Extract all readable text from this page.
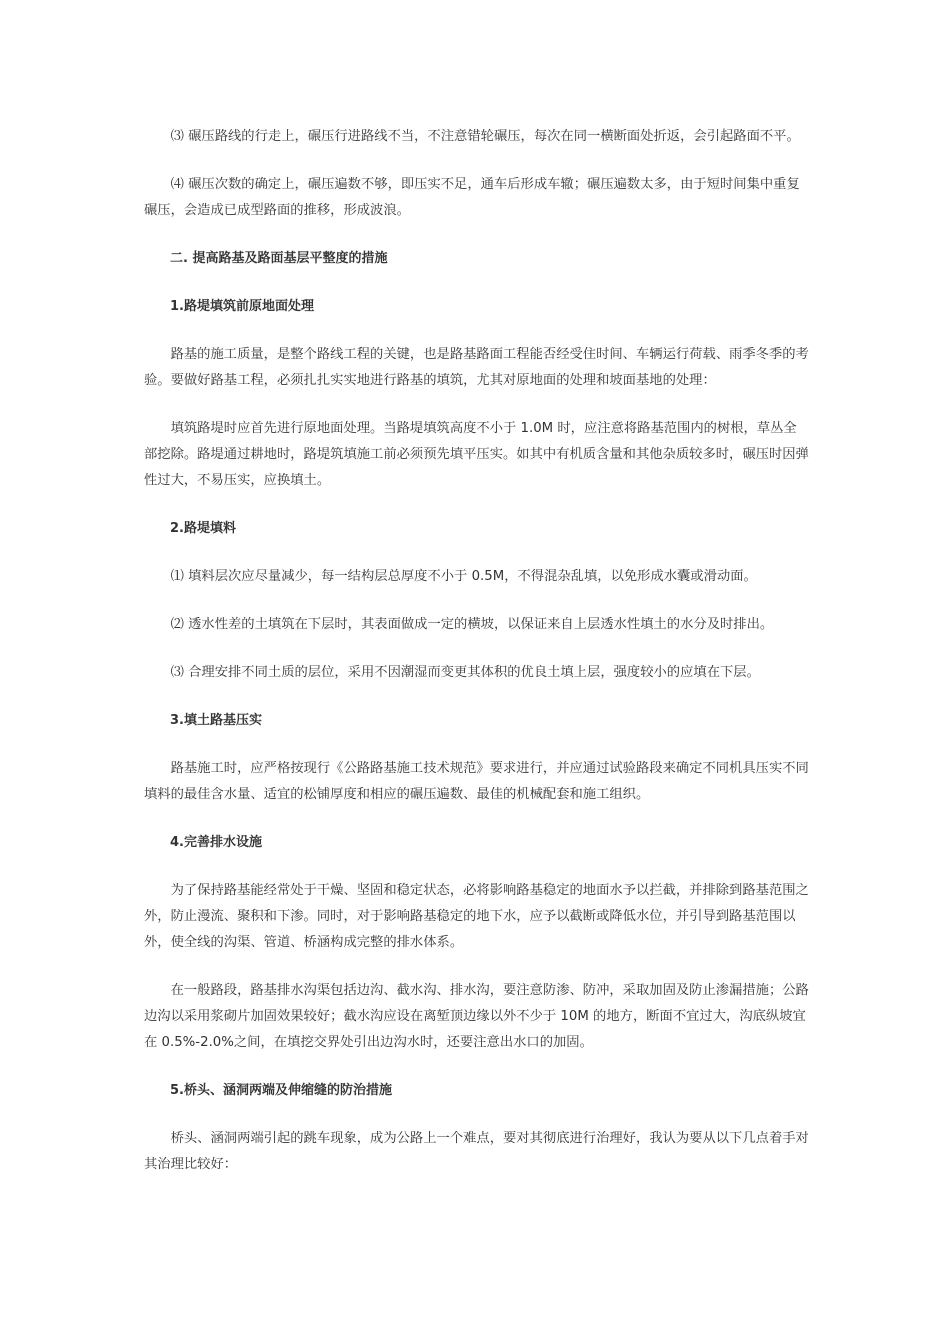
⑶ 碾压路线的行走上，碾压行进路线不当，不注意错轮碾压，每次在同一横断面处折返，会引起路面不平。

⑷ 碾压次数的确定上，碾压遍数不够，即压实不足，通车后形成车辙；碾压遍数太多，由于短时间集中重复碾压，会造成已成型路面的推移，形成波浪。

二. 提高路基及路面基层平整度的措施

1.路堤填筑前原地面处理

路基的施工质量，是整个路线工程的关键，也是路基路面工程能否经受住时间、车辆运行荷载、雨季冬季的考验。要做好路基工程，必须扎扎实实地进行路基的填筑，尤其对原地面的处理和坡面基地的处理：

填筑路堤时应首先进行原地面处理。当路堤填筑高度不小于 1.0M 时，应注意将路基范围内的树根，草丛全部挖除。路堤通过耕地时，路堤筑填施工前必须预先填平压实。如其中有机质含量和其他杂质较多时，碾压时因弹性过大，不易压实，应换填土。

2.路堤填料

⑴ 填料层次应尽量减少，每一结构层总厚度不小于 0.5M，不得混杂乱填，以免形成水囊或滑动面。

⑵ 透水性差的土填筑在下层时，其表面做成一定的横坡，以保证来自上层透水性填土的水分及时排出。

⑶ 合理安排不同土质的层位，采用不因潮湿而变更其体积的优良土填上层，强度较小的应填在下层。

3.填土路基压实

路基施工时，应严格按现行《公路路基施工技术规范》要求进行，并应通过试验路段来确定不同机具压实不同填料的最佳含水量、适宜的松铺厚度和相应的碾压遍数、最佳的机械配套和施工组织。

4.完善排水设施

为了保持路基能经常处于干燥、坚固和稳定状态，必将影响路基稳定的地面水予以拦截，并排除到路基范围之外，防止漫流、聚积和下渗。同时，对于影响路基稳定的地下水，应予以截断或降低水位，并引导到路基范围以外，使全线的沟渠、管道、桥涵构成完整的排水体系。

在一般路段，路基排水沟渠包括边沟、截水沟、排水沟，要注意防渗、防冲，采取加固及防止渗漏措施；公路边沟以采用浆砌片加固效果较好；截水沟应设在离堑顶边缘以外不少于 10M 的地方，断面不宜过大，沟底纵坡宜在 0.5%-2.0%之间，在填挖交界处引出边沟水时，还要注意出水口的加固。

5.桥头、涵洞两端及伸缩缝的防治措施

桥头、涵洞两端引起的跳车现象，成为公路上一个难点，要对其彻底进行治理好，我认为要从以下几点着手对其治理比较好：
